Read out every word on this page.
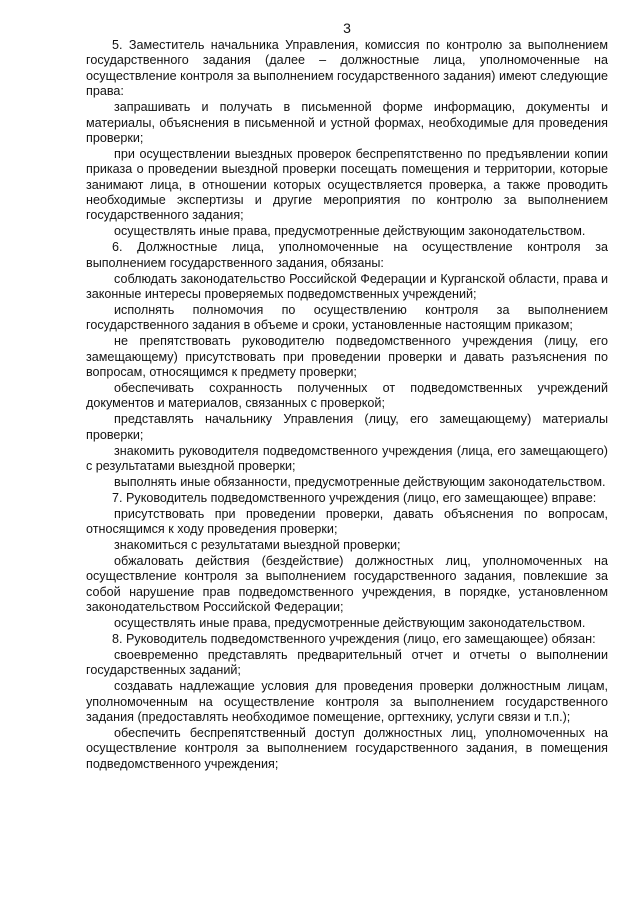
3

5. Заместитель начальника Управления, комиссия по контролю за выполнением государственного задания (далее – должностные лица, уполномоченные на осуществление контроля за выполнением государственного задания) имеют следующие права:

запрашивать и получать в письменной форме информацию, документы и материалы, объяснения в письменной и устной формах, необходимые для проведения проверки;

при осуществлении выездных проверок беспрепятственно по предъявлении копии приказа о проведении выездной проверки посещать помещения и территории, которые занимают лица, в отношении которых осуществляется проверка, а также проводить необходимые экспертизы и другие мероприятия по контролю за выполнением государственного задания;

осуществлять иные права, предусмотренные действующим законодательством.

6. Должностные лица, уполномоченные на осуществление контроля за выполнением государственного задания, обязаны:

соблюдать законодательство Российской Федерации и Курганской области, права и законные интересы проверяемых подведомственных учреждений;

исполнять полномочия по осуществлению контроля за выполнением государственного задания в объеме и сроки, установленные настоящим приказом;

не препятствовать руководителю подведомственного учреждения (лицу, его замещающему) присутствовать при проведении проверки и давать разъяснения по вопросам, относящимся к предмету проверки;

обеспечивать сохранность полученных от подведомственных учреждений документов и материалов, связанных с проверкой;

представлять начальнику Управления (лицу, его замещающему) материалы проверки;

знакомить руководителя подведомственного учреждения (лица, его замещающего) с результатами выездной проверки;

выполнять иные обязанности, предусмотренные действующим законодательством.

7. Руководитель подведомственного учреждения (лицо, его замещающее) вправе:

присутствовать при проведении проверки, давать объяснения по вопросам, относящимся к ходу проведения проверки;

знакомиться с результатами выездной проверки;

обжаловать действия (бездействие) должностных лиц, уполномоченных на осуществление контроля за выполнением государственного задания, повлекшие за собой нарушение прав подведомственного учреждения, в порядке, установленном законодательством Российской Федерации;

осуществлять иные права, предусмотренные действующим законодательством.

8. Руководитель подведомственного учреждения (лицо, его замещающее) обязан:

своевременно представлять предварительный отчет и отчеты о выполнении государственных заданий;

создавать надлежащие условия для проведения проверки должностным лицам, уполномоченным на осуществление контроля за выполнением государственного задания (предоставлять необходимое помещение, оргтехнику, услуги связи и т.п.);

обеспечить беспрепятственный доступ должностных лиц, уполномоченных на осуществление контроля за выполнением государственного задания, в помещения подведомственного учреждения;
